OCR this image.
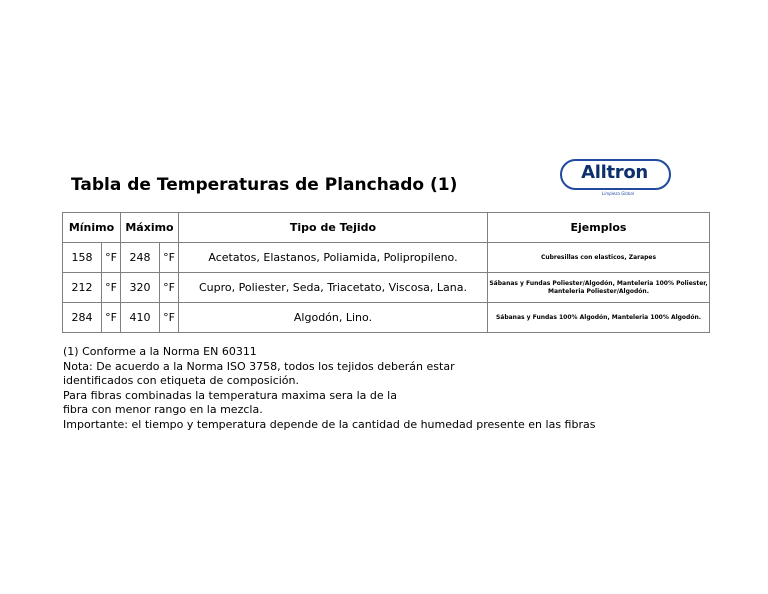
Tabla de Temperaturas de Planchado (1)
Alltron
Limpieza Global
Mínimo		Máximo		Tipo de Tejido	Ejemplos
158	°F	248	°F	Acetatos, Elastanos, Poliamida, Polipropileno.	Cubresillas con elasticos, Zarapes
212	°F	320	°F	Cupro, Poliester, Seda, Triacetato, Viscosa, Lana.	Sábanas y Fundas Poliester/Algodón, Manteleria 100% Poliester, Manteleria Poliester/Algodón.
284	°F	410	°F	Algodón, Lino.	Sábanas y Fundas 100% Algodón, Manteleria 100% Algodón.
(1) Conforme a la Norma EN 60311
Nota: De acuerdo a la Norma ISO 3758, todos los tejidos deberán estar
identificados con etiqueta de composición.
Para fibras combinadas la temperatura maxima sera la de la
fibra con menor rango en la mezcla.
Importante: el tiempo y temperatura depende de la cantidad de humedad presente en las fibras
